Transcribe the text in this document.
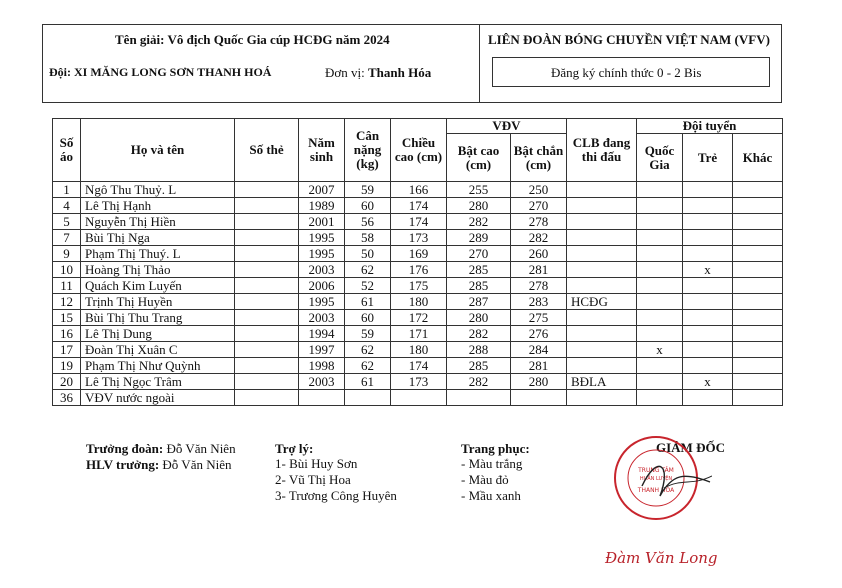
Tên giải: Vô địch Quốc Gia cúp HCĐG năm 2024
Đội: XI MĂNG LONG SƠN THANH HOÁ	Đơn vị: Thanh Hóa
LIÊN ĐOÀN BÓNG CHUYỀN VIỆT NAM (VFV)
Đăng ký chính thức 0 - 2 Bis
Số áo	Họ và tên	Số thẻ	Năm sinh	Cân nặng (kg)	Chiều cao (cm)	VĐV		CLB đang thi đấu	Đội tuyển		
						Bật cao (cm)	Bật chắn (cm)		Quốc Gia	Trẻ	Khác
1	Ngô Thu Thuỷ. L		2007	59	166	255	250				
4	Lê Thị Hạnh		1989	60	174	280	270				
5	Nguyễn Thị Hiền		2001	56	174	282	278				
7	Bùi Thị Nga		1995	58	173	289	282				
9	Phạm Thị Thuý. L		1995	50	169	270	260				
10	Hoàng Thị Thảo		2003	62	176	285	281			x	
11	Quách Kim Luyến		2006	52	175	285	278				
12	Trịnh Thị Huyền		1995	61	180	287	283	HCĐG			
15	Bùi Thị Thu Trang		2003	60	172	280	275				
16	Lê Thị Dung		1994	59	171	282	276				
17	Đoàn Thị Xuân C		1997	62	180	288	284		x		
19	Phạm Thị Như Quỳnh		1998	62	174	285	281				
20	Lê Thị Ngọc Trâm		2003	61	173	282	280	BĐLA		x	
36	VĐV nước ngoài										
Trưởng đoàn: Đỗ Văn Niên
HLV trưởng: Đỗ Văn Niên
Trợ lý:
1- Bùi Huy Sơn
2- Vũ Thị Hoa
3- Trương Công Huyên
Trang phục:
- Màu trắng
- Màu đỏ
- Mầu xanh
GIÁM ĐỐC
TRUNG TÂM
HUẤN LUYỆN
THANH HÓA
Đàm Văn Long
